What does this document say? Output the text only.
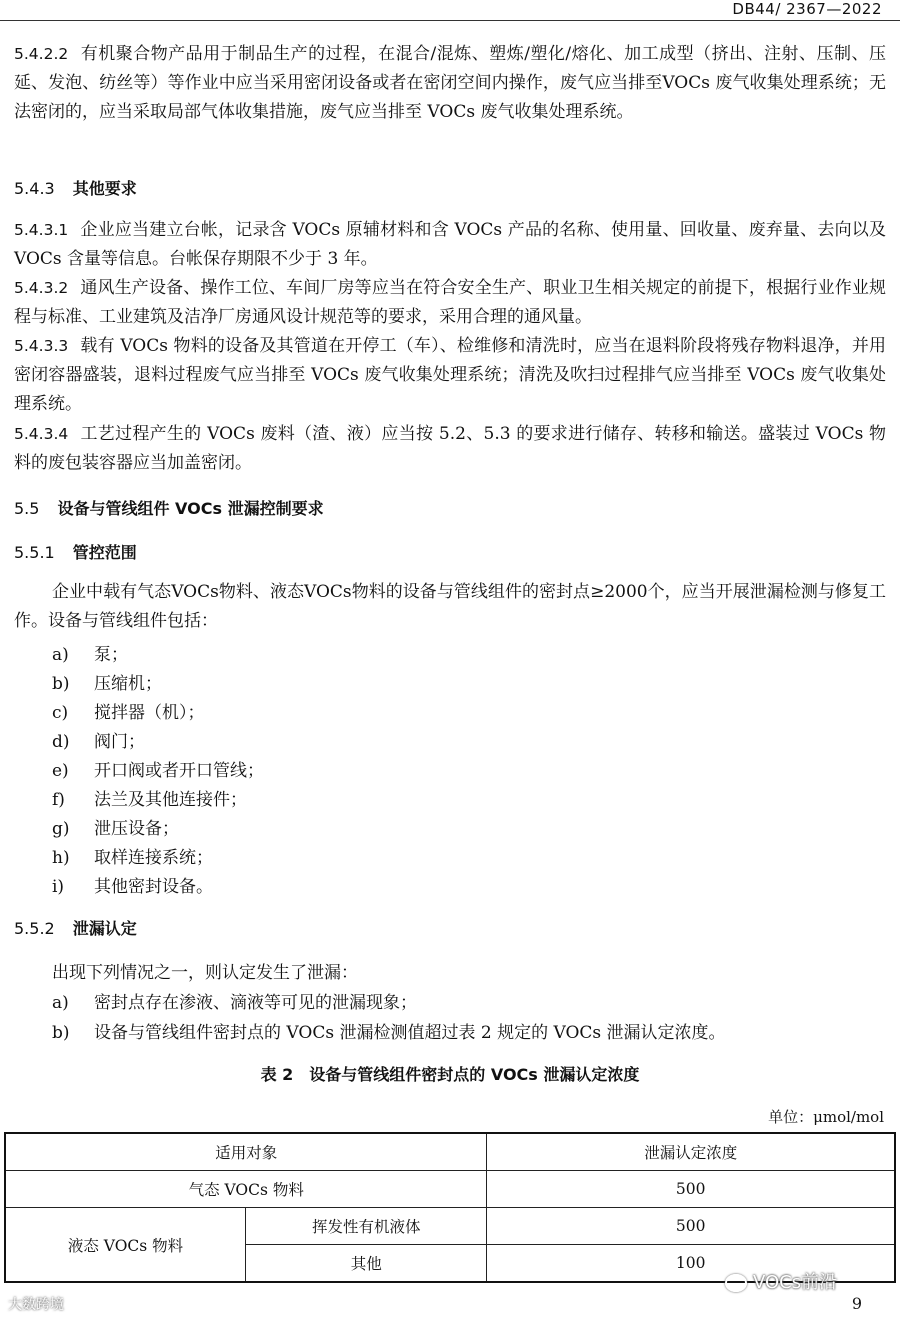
DB44/ 2367—2022
5.4.2.2 有机聚合物产品用于制品生产的过程，在混合/混炼、塑炼/塑化/熔化、加工成型（挤出、注射、压制、压延、发泡、纺丝等）等作业中应当采用密闭设备或者在密闭空间内操作，废气应当排至VOCs 废气收集处理系统；无法密闭的，应当采取局部气体收集措施，废气应当排至 VOCs 废气收集处理系统。
5.4.3 其他要求
5.4.3.1 企业应当建立台帐，记录含 VOCs 原辅材料和含 VOCs 产品的名称、使用量、回收量、废弃量、去向以及 VOCs 含量等信息。台帐保存期限不少于 3 年。
5.4.3.2 通风生产设备、操作工位、车间厂房等应当在符合安全生产、职业卫生相关规定的前提下，根据行业作业规程与标准、工业建筑及洁净厂房通风设计规范等的要求，采用合理的通风量。
5.4.3.3 载有 VOCs 物料的设备及其管道在开停工（车）、检维修和清洗时，应当在退料阶段将残存物料退净，并用密闭容器盛装，退料过程废气应当排至 VOCs 废气收集处理系统；清洗及吹扫过程排气应当排至 VOCs 废气收集处理系统。
5.4.3.4 工艺过程产生的 VOCs 废料（渣、液）应当按 5.2、5.3 的要求进行储存、转移和输送。盛装过 VOCs 物料的废包装容器应当加盖密闭。
5.5 设备与管线组件 VOCs 泄漏控制要求
5.5.1 管控范围
企业中载有气态VOCs物料、液态VOCs物料的设备与管线组件的密封点≥2000个，应当开展泄漏检测与修复工作。设备与管线组件包括：
a) 泵；
b) 压缩机；
c) 搅拌器（机）；
d) 阀门；
e) 开口阀或者开口管线；
f) 法兰及其他连接件；
g) 泄压设备；
h) 取样连接系统；
i) 其他密封设备。
5.5.2 泄漏认定
出现下列情况之一，则认定发生了泄漏：
a) 密封点存在渗液、滴液等可见的泄漏现象；
b) 设备与管线组件密封点的 VOCs 泄漏检测值超过表 2 规定的 VOCs 泄漏认定浓度。
表 2　设备与管线组件密封点的 VOCs 泄漏认定浓度
单位：μmol/mol
适用对象		泄漏认定浓度
气态 VOCs 物料		500
液态 VOCs 物料	挥发性有机液体	500
	其他	100
VOCs前沿
大数跨境	9
